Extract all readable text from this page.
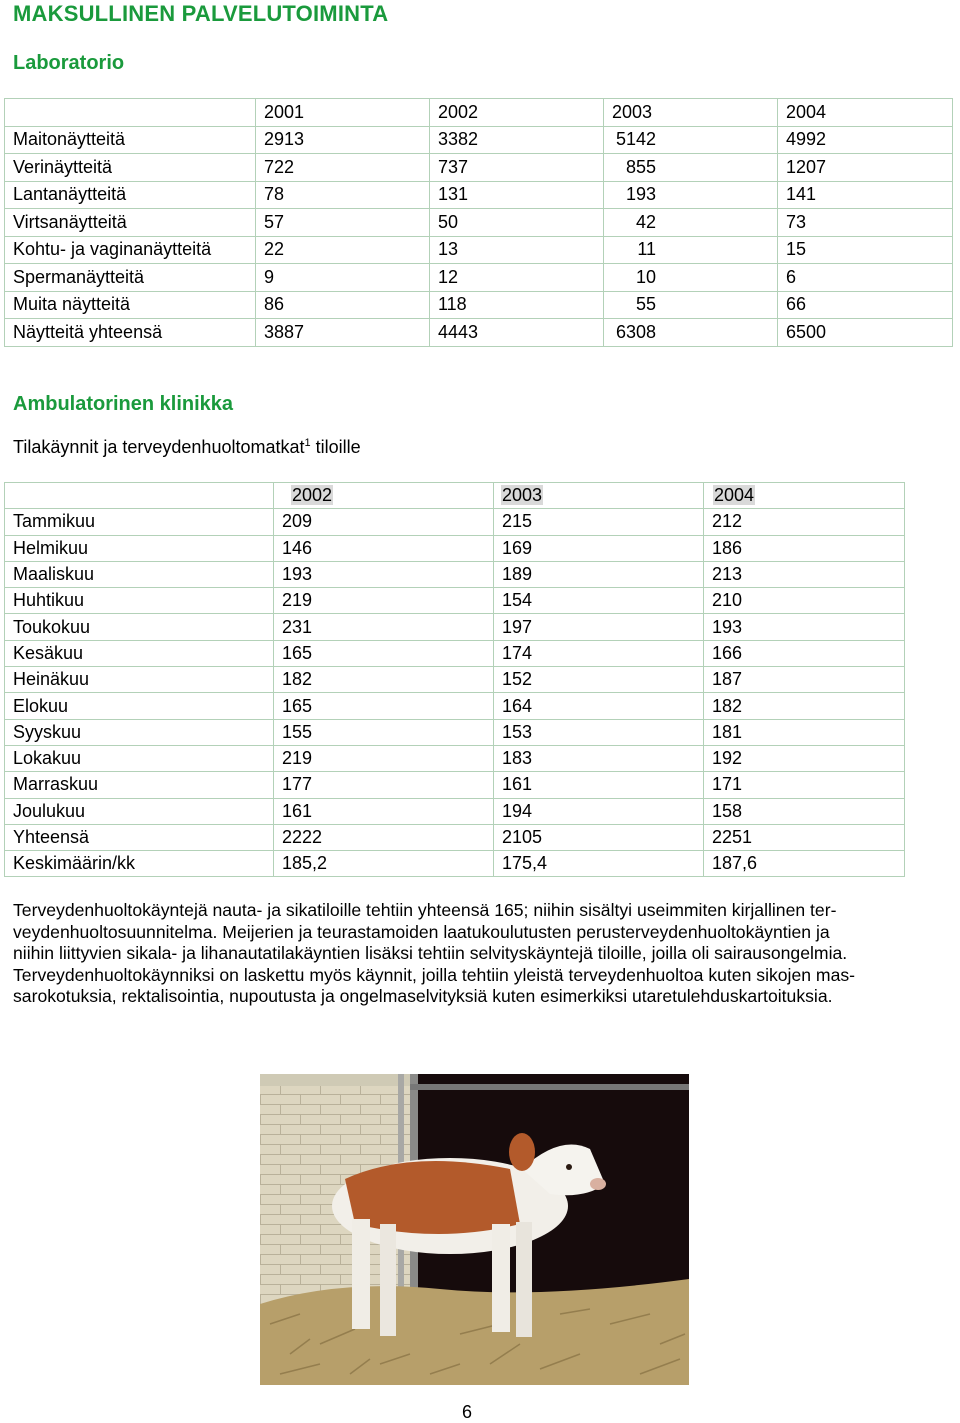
MAKSULLINEN PALVELUTOIMINTA
Laboratorio
	2001	2002	2003	2004
Maitonäytteitä	2913	3382	5142	4992
Verinäytteitä	722	737	855	1207
Lantanäytteitä	78	131	193	141
Virtsanäytteitä	57	50	42	73
Kohtu- ja vaginanäytteitä	22	13	11	15
Spermanäytteitä	9	12	10	6
Muita näytteitä	86	118	55	66
Näytteitä yhteensä	3887	4443	6308	6500
Ambulatorinen klinikka
Tilakäynnit ja terveydenhuoltomatkat$^1$ tiloille
	2002	2003	2004
Tammikuu	209	215	212
Helmikuu	146	169	186
Maaliskuu	193	189	213
Huhtikuu	219	154	210
Toukokuu	231	197	193
Kesäkuu	165	174	166
Heinäkuu	182	152	187
Elokuu	165	164	182
Syyskuu	155	153	181
Lokakuu	219	183	192
Marraskuu	177	161	171
Joulukuu	161	194	158
Yhteensä	2222	2105	2251
Keskimäärin/kk	185,2	175,4	187,6

Terveydenhuoltokäyntejä nauta- ja sikatiloille tehtiin yhteensä 165; niihin sisältyi useimmiten kirjallinen ter-

veydenhuoltosuunnitelma. Meijerien ja teurastamoiden laatukoulutusten perusterveydenhuoltokäyntien ja

niihin liittyvien sikala- ja lihanautatilakäyntien lisäksi tehtiin selvityskäyntejä tiloille, joilla oli sairausongelmia.

Terveydenhuoltokäynniksi on laskettu myös käynnit, joilla tehtiin yleistä terveydenhuoltoa kuten sikojen mas-

sarokotuksia, rektalisointia, nupoutusta ja ongelmaselvityksiä kuten esimerkiksi utaretulehduskartoituksia.

6
